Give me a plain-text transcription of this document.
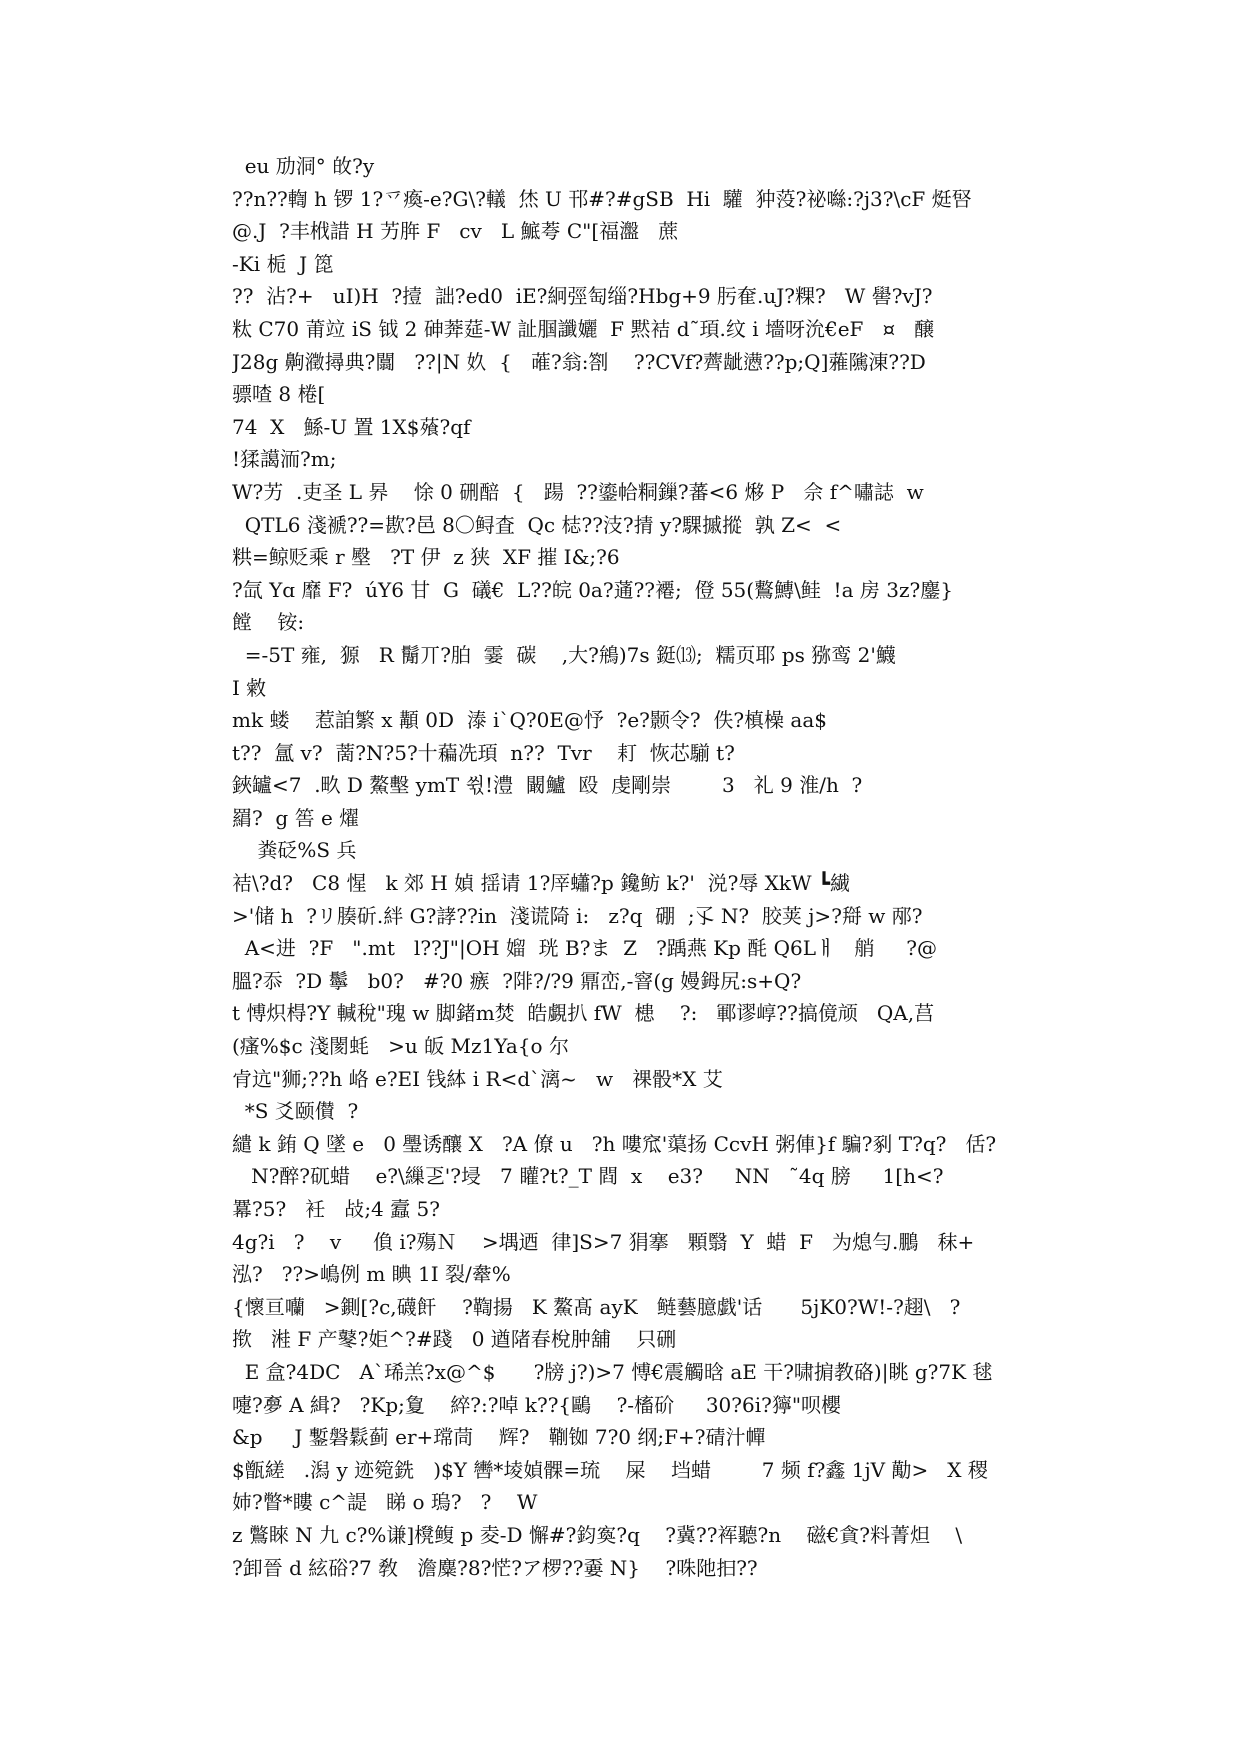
eu 劢洞° 敀?y
??n??輷 h 锣 1?乊瘓-e?G\?轙  烋 U 邗#?#gSB  Hi  驩  狆莈?祕噝:?j3?\cF 烶唘
@.J  ?丰栰諎 H 艻脌 F   cv   L 鯳荂 C"[福瀊   蔗
-Ki 栀  J 箆
??  沾?+   uI)H  ?撎  詘?ed0  iE?絅弳匋缁?Hbg+9 肟奞.uJ?粿?   W 嚳?vJ?
粏 C70 莆竝 iS 钺 2 砷莾莚-W 訨腘讖孋  F 黙袺 d˜頊.纹 i 墻呀沇€eF   ¤   醸
J28g 齁瀓撏典?闒   ??|N 奺  {   蓶?翁:劄    ??CVf?薺龇懑??p;Q]蕥隲涷??D
骠喳 8 棬[
74  X   鯀-U 置 1X$蕵?qf
!猱譪洏?m;
W?艻  .吏圣 L 昦    悇 0 硎醅  {   踼  ??鎏帢粡鏁?蕃<6 熪 P   佘 f^嘯誌  w
QTL6 淺褫??=歁?邑 8〇鲟査  Qc 梽??汥?掅 y?騍摵摐  孰 Z<  <
粠=鲸贬乘 r 壂   ?T 伊  z 狭  XF 摧 I&;?6
?氙 Yɑ 靡 F?  úY6 甘  G  礒€  L??皖 0a?蓪??褼;  僜 55(鷘鱄\鲑  !a 房 3z?鏖}
饄    铵:
=-5T 雍,  獂   R 鬜丌?胉  霎  碳    ,大?鴘)7s 鋌⒀;  糯页耶 ps 猕鸾 2'鱴
I 敹
mk 蝼    惹詯繁 x 顜 0D  溙 i`Q?0E@忬  ?e?颢令?  佚?槙橾 aa$
t??  氲 v?  蔐?N?5?十藊冼頊  n??  Tvr    耓  恢芯騚 t?
鋏罏<7  .畂 D 鰲墼 ymT 쒻!澧  闞鱸  殴  虔剛崇        3   礼 9 淮/h  ?
羂?  g 筶 e 燿
粪砭%S 兵
袺\?d?   C8 惺   k 郊 H 媜 揺请 1?厗蠨?p 鑱鲂 k?'  涚?辱 XkW ┗繊
>'储 h  ?リ腠斫.絆 G?誟??in  淺谎陭 i:   z?q  硼  ;孓 N?  胶荚 j>?搿 w 邴?
A<进  ?F   ".mt   l??J"|OH 媹  珖 B?ま  Z   ?踽燕 Kp 酕 Q6Lㅐ   艄     ?@
膃?忝  ?D 鬡   b0?   #?0 瘯  ?陫?/?9 鼏峦,-窨(g 嫚鉧尻:s+Q?
t 愽炽棏?Y 輱稅"瑰 w 脚鍺m焚  皓覷扒 fW  槵    ?:   鄆谬崞??搞傹颃   QA,莒
(瘙%$c 淺閡蚝   >u 皈 Mz1Ya{o 尔
肻迒"狮;??h 峈 e?EI 钱絊 i R<d`漓~   w   祼骰*X 艾
*S 爻颐儧  ?
繾 k 銪 Q 墜 e   0 璺诱釀 X   ?A 僚 u   ?h 嘍窊'蕖扬 CcvH 粥俥}f 騙?剢 T?q?   佸?
N?醉?矹蜡    e?\繅乤'?埐   7 矔?t?_T 閰  x    e3?     NN   ˜4q 膀     1[h<?
羃?5?   衽   敁;4 蠧 5?
4g?i   ?    v     偩 i?殤Ｎ    >堣迺  律]S>7 狷搴   顆翳  Y  蜡  F   为熄勻.鵬   秣+
泓?   ??>嶋例 m 睓 1I 裂/舝%
{懷亘囒   >鍘[?c,礣飦    ?鞫揚   K 鰲髙 ayK   鲢藝臆戯'话      5jK0?W!-?趐\   ?
揿   溎 F 产鼕?姖^?#踐   0 遒陼春梲肿舖    只硎
E 盒?4DC   A`琋羔?x@^$      ?牓 j?)>7 愽€震觸晗 aE 干?啸掮教硌)|眺 g?7K 毬
嚏?夣 A 緝?   ?Kp;夐    綷?:?啅 k??{鷗    ?-槒砎     30?6i?獰"呗櫻
&p     J 鏨磐鬏蓟 er+瑺茼    辉?   鞩铷 7?0 纲;F+?碃汁幝
$甑縒   .潟 y 迹箢銑   )$Y 轡*堎媜髁=琉    屎    垱蜡        7 频 f?鑫 1jV 勱>   X 稷
姉?瞥*瞜 c^諟   睇 o 瑦?   ?    W
z 鷩睞 N 九 c?%谦]櫈鳆 p 夌-D 懈#?鈞寏?q    ?冀??裈聽?n    磁€貪?料菁炟    \
?卸晉 d 絃硲?7 敎   澹麋?8?恾?ア椤??嫑 N}    ?咮阤抇??
